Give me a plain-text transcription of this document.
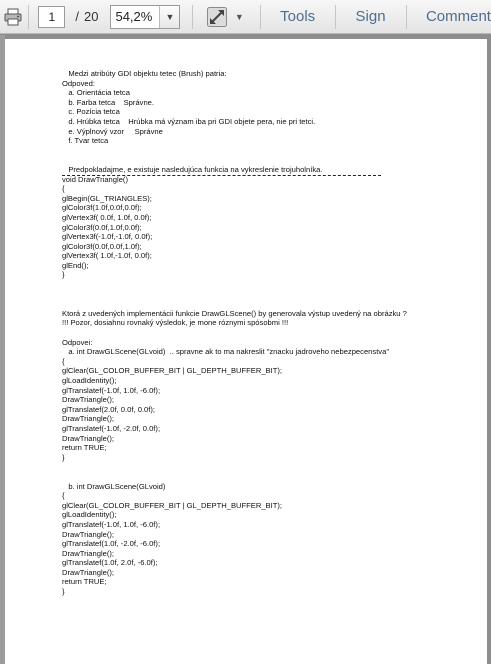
1
/ 20	54,2%	▼	▼ Tools	Sign	Comment
Medzi atribúty GDI objektu tetec (Brush) patria:
Odpoved:
a. Orientácia tetca
b. Farba tetca    Správne.
c. Pozícia tetca
d. Hrúbka tetca    Hrúbka má význam iba pri GDI objete pera, nie pri tetci.
e. Výplnový vzor     Správne
f. Tvar tetca
Predpokladajme, e existuje nasledujúca funkcia na vykreslenie trojuholníka.
void DrawTriangle()
{
glBegin(GL_TRIANGLES);
glColor3f(1.0f,0.0f,0.0f);
glVertex3f( 0.0f, 1.0f, 0.0f);
glColor3f(0.0f,1.0f,0.0f);
glVertex3f(-1.0f,-1.0f, 0.0f);
glColor3f(0.0f,0.0f,1.0f);
glVertex3f( 1.0f,-1.0f, 0.0f);
glEnd();
}
Ktorá z uvedených implementácii funkcie DrawGLScene() by generovala výstup uvedený na obrázku ?
!!! Pozor, dosiahnu rovnaký výsledok, je mone róznymi spósobmi !!!
Odpovei:
a. int DrawGLScene(GLvoid)  .. spravne ak to ma nakreslit "znacku jadroveho nebezpecenstva"
{
glClear(GL_COLOR_BUFFER_BIT | GL_DEPTH_BUFFER_BIT);
glLoadIdentity();
glTranslatef(-1.0f, 1.0f, -6.0f);
DrawTriangle();
glTranslatef(2.0f, 0.0f, 0.0f);
DrawTriangle();
glTranslatef(-1.0f, -2.0f, 0.0f);
DrawTriangle();
return TRUE;
}
b. int DrawGLScene(GLvoid)
{
glClear(GL_COLOR_BUFFER_BIT | GL_DEPTH_BUFFER_BIT);
glLoadIdentity();
glTranslatef(-1.0f, 1.0f, -6.0f);
DrawTriangle();
glTranslatef(1.0f, -2.0f, -6.0f);
DrawTriangle();
glTranslatef(1.0f, 2.0f, -6.0f);
DrawTriangle();
return TRUE;
}
